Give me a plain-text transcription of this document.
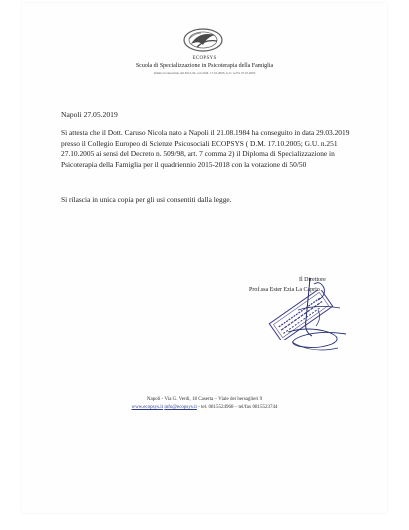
ECOPSYS
Scuola di Specializzazione in Psicoterapia della Famiglia
Istituto riconosciuto dal M.I.U.R. con D.M. 17.10.2005; G.U. n.251 27.10.2005
Napoli 27.05.2019
Si attesta che il Dott. Caruso Nicola nato a Napoli il 21.08.1984 ha conseguito in data 29.03.2019 presso il Collegio Europeo di Scienze Psicosociali ECOPSYS ( D.M. 17.10.2005; G.U. n.251 27.10.2005 ai sensi del Decreto n. 509/98, art. 7 comma 2) il Diploma di Specializzazione in Psicoterapia della Famiglia per il quadriennio 2015-2018 con la votazione di 50/50
Si rilascia in unica copia per gli usi consentiti dalla legge.
Il Direttore
Prof.ssa Ester Ezia La Caprio
Napoli - Via G. Verdi, 18 Caserta – Viale dei bersaglieri 9
www.ecopsys.it info@ecopsys.it - tel. 0815524968 – tel/fax 0815523744
